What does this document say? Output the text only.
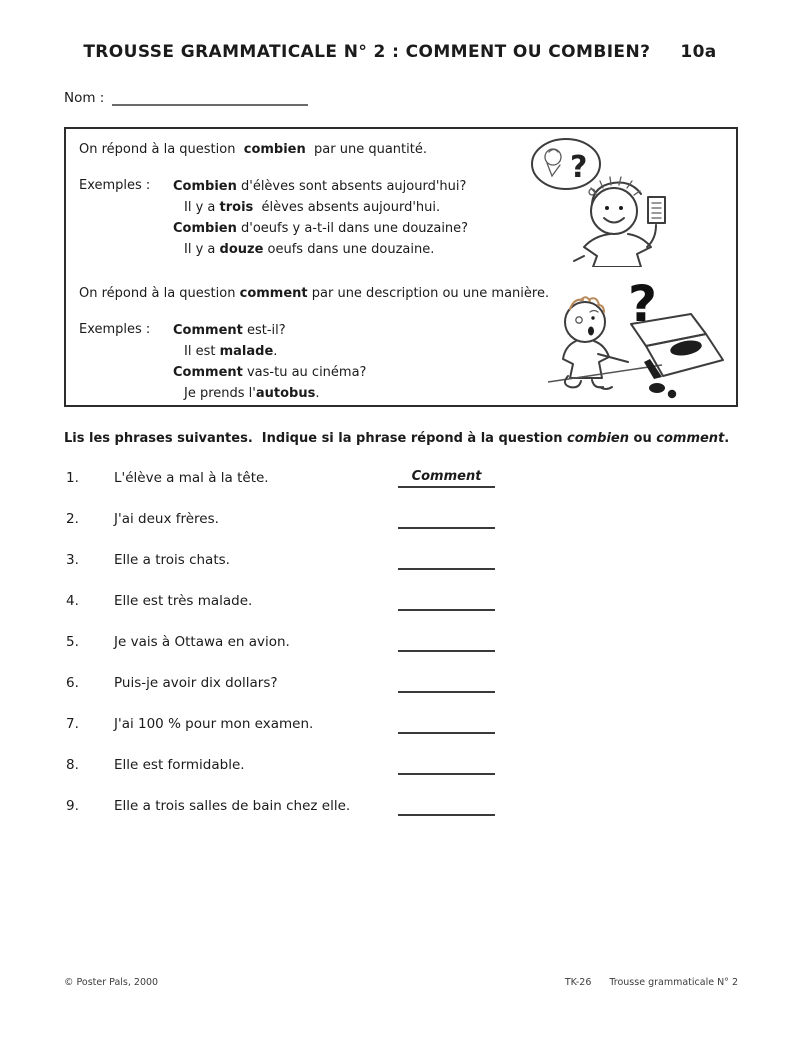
TROUSSE GRAMMATICALE N° 2 : COMMENT OU COMBIEN? 10a
Nom :
On répond à la question  combien  par une quantité.
Exemples :	Combien d'élèves sont absents aujourd'hui?
Il y a trois  élèves absents aujourd'hui.
Combien d'oeufs y a-t-il dans une douzaine?
Il y a douze oeufs dans une douzaine.
On répond à la question comment par une description ou une manière.
Exemples :	Comment est-il?
Il est malade.
Comment vas-tu au cinéma?
Je prends l'autobus.
?
?
Lis les phrases suivantes.  Indique si la phrase répond à la question combien ou comment.
1.	L'élève a mal à la tête.	Comment
2.	J'ai deux frères.
3.	Elle a trois chats.
4.	Elle est très malade.
5.	Je vais à Ottawa en avion.
6.	Puis-je avoir dix dollars?
7.	J'ai 100 % pour mon examen.
8.	Elle est formidable.
9.	Elle a trois salles de bain chez elle.
© Poster Pals, 2000	TK-26 Trousse grammaticale N° 2
